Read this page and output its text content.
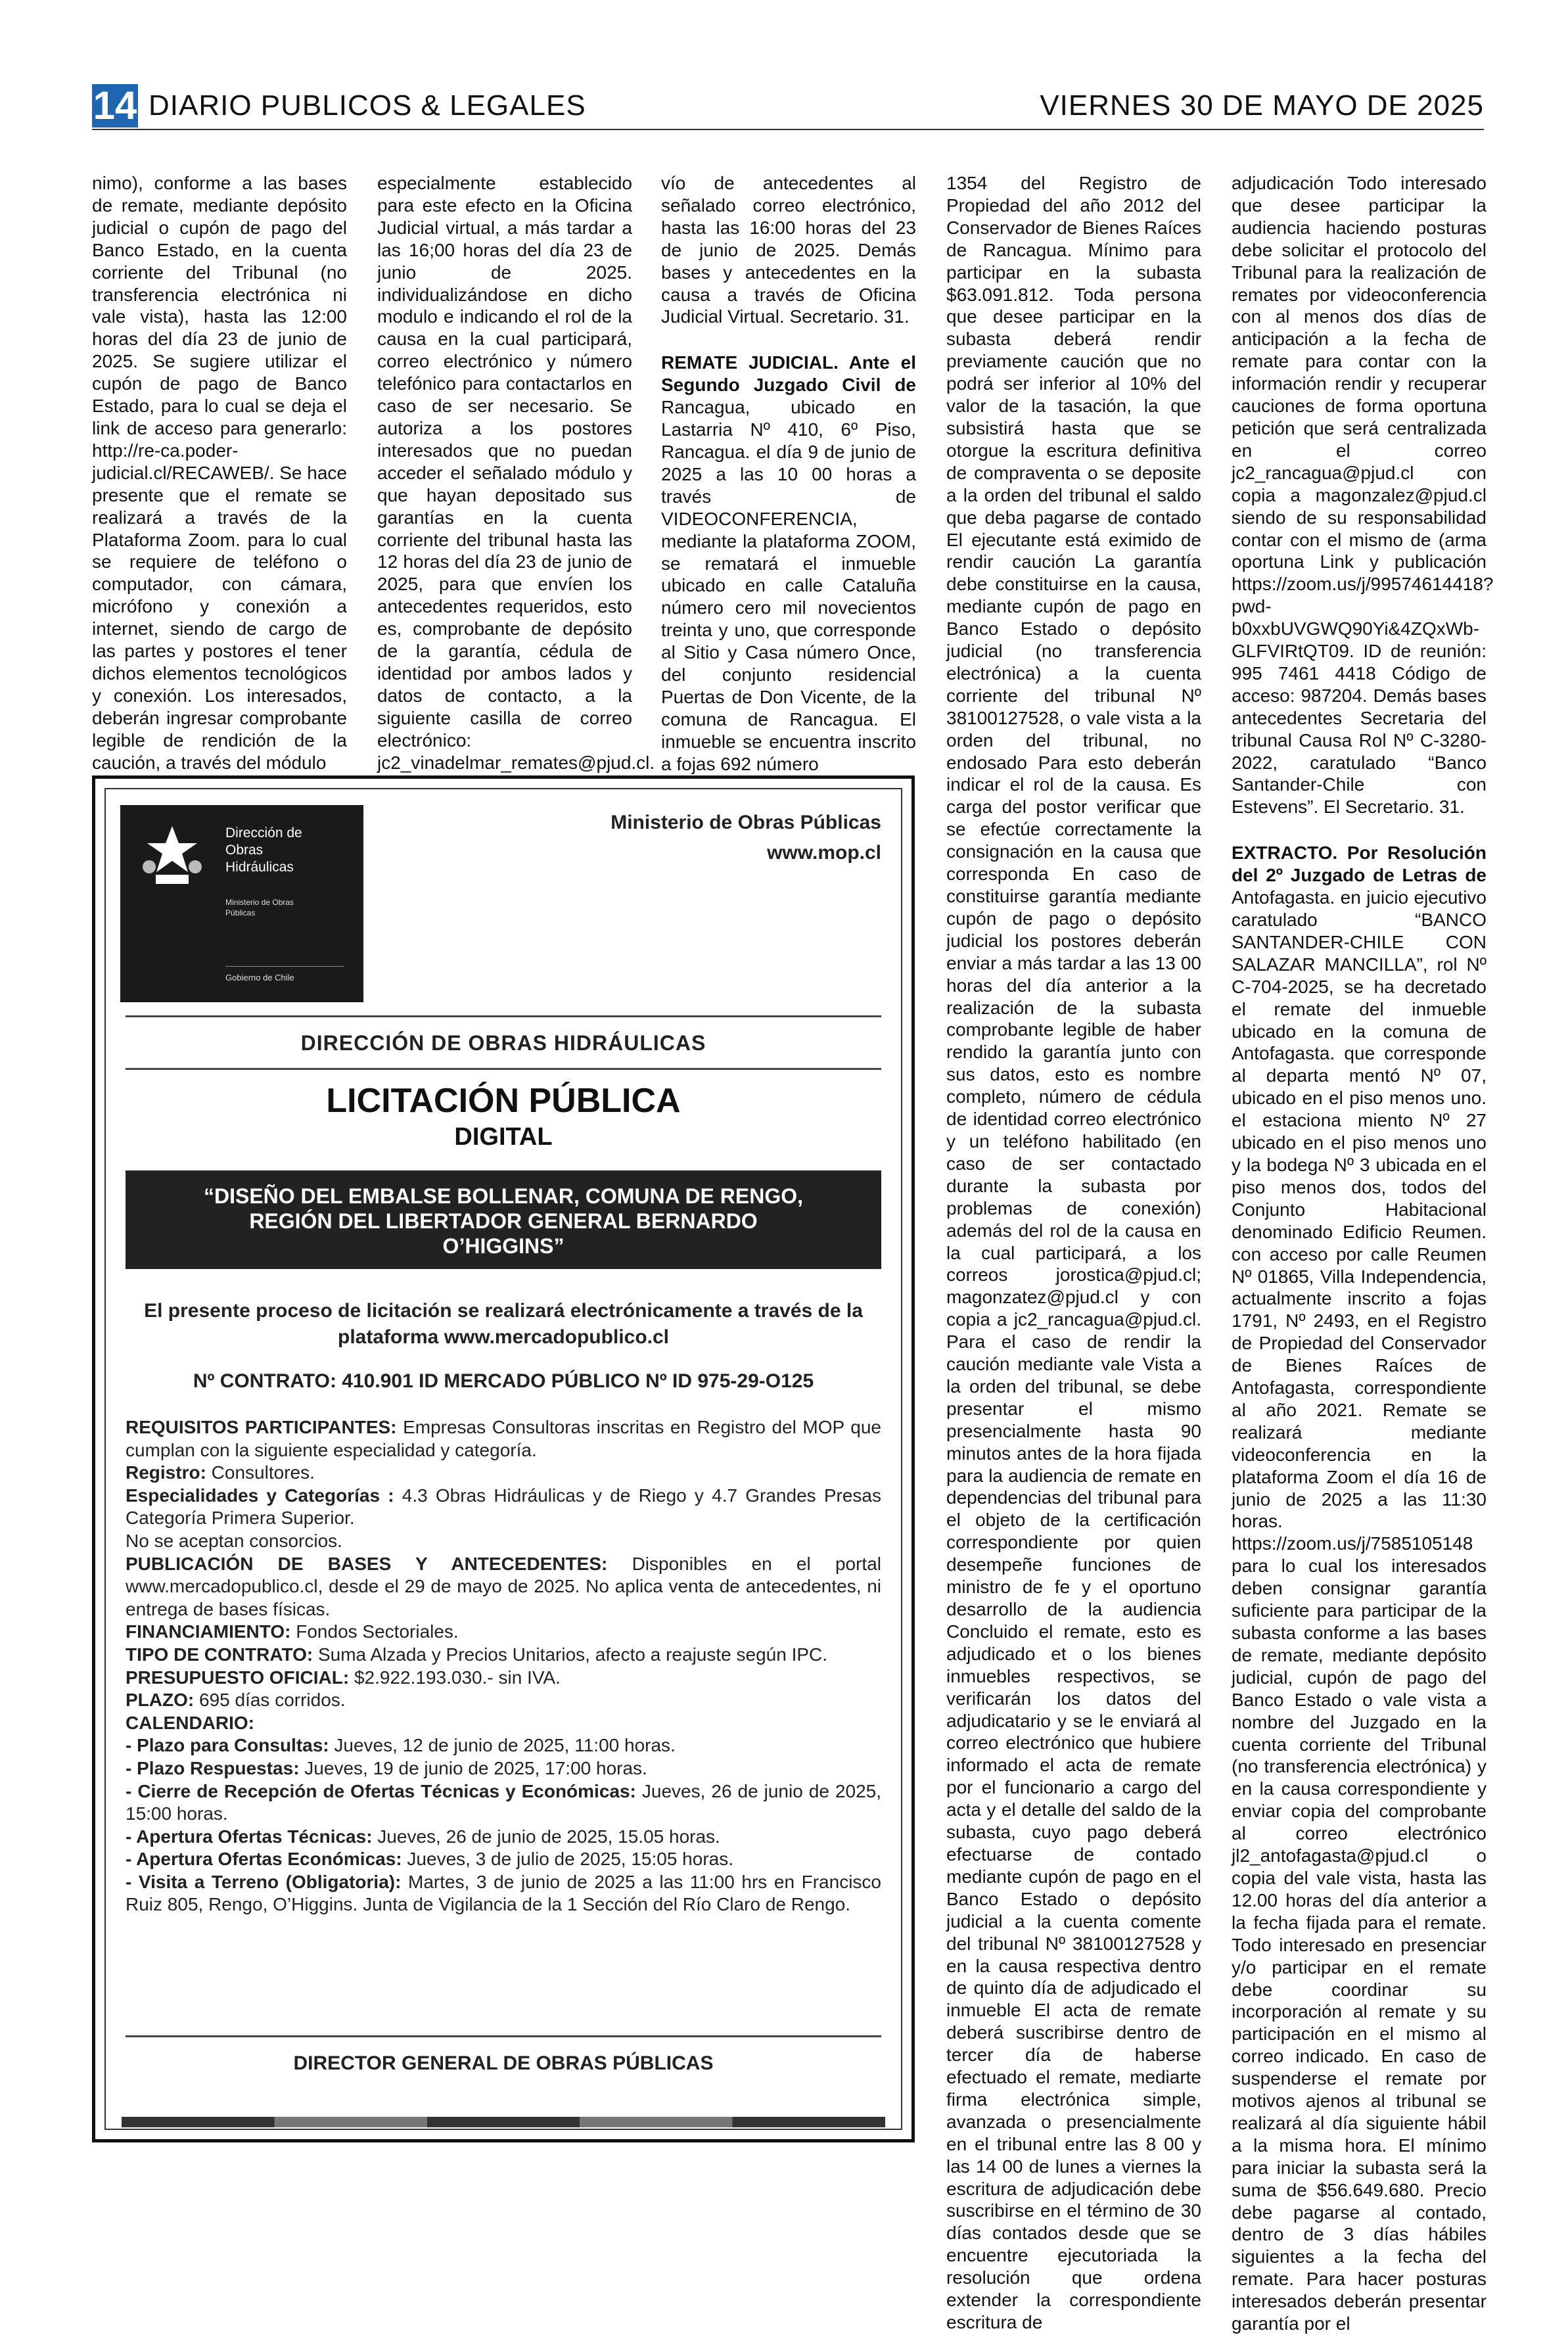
14 DIARIO PUBLICOS & LEGALES	VIERNES 30 DE MAYO DE 2025

nimo), conforme a las bases de remate, mediante depósito judicial o cupón de pago del Banco Estado, en la cuenta corriente del Tribunal (no transferencia electrónica ni vale vista), hasta las 12:00 horas del día 23 de junio de 2025. Se sugiere utilizar el cupón de pago de Banco Estado, para lo cual se deja el link de acceso para generarlo: http://re-ca.poder-judicial.cl/RECAWEB/. Se hace presente que el remate se realizará a través de la Plataforma Zoom. para lo cual se requiere de teléfono o computador, con cámara, micrófono y conexión a internet, siendo de cargo de las partes y postores el tener dichos elementos tecnológicos y conexión. Los interesados, deberán ingresar comprobante legible de rendición de la caución, a través del módulo

especialmente establecido para este efecto en la Oficina Judicial virtual, a más tardar a las 16;00 horas del día 23 de junio de 2025. individualizándose en dicho modulo e indicando el rol de la causa en la cual participará, correo electrónico y número telefónico para contactarlos en caso de ser necesario. Se autoriza a los postores interesados que no puedan acceder el señalado módulo y que hayan depositado sus garantías en la cuenta corriente del tribunal hasta las 12 horas del día 23 de junio de 2025, para que envíen los antecedentes requeridos, esto es, comprobante de depósito de la garantía, cédula de identidad por ambos lados y datos de contacto, a la siguiente casilla de correo electrónico: jc2_vinadelmar_remates@pjud.cl.

vío de antecedentes al señalado correo electrónico, hasta las 16:00 horas del 23 de junio de 2025. Demás bases y antecedentes en la causa a través de Oficina Judicial Virtual. Secretario. 31.

REMATE JUDICIAL. Ante el Segundo Juzgado Civil de Rancagua, ubicado en Lastarria Nº 410, 6º Piso, Rancagua. el día 9 de junio de 2025 a las 10 00 horas a través de VIDEOCONFERENCIA, mediante la plataforma ZOOM, se rematará el inmueble ubicado en calle Cataluña número cero mil novecientos treinta y uno, que corresponde al Sitio y Casa número Once, del conjunto residencial Puertas de Don Vicente, de la comuna de Rancagua. El inmueble se encuentra inscrito a fojas 692 número

1354 del Registro de Propiedad del año 2012 del Conservador de Bienes Raíces de Rancagua. Mínimo para participar en la subasta $63.091.812. Toda persona que desee participar en la subasta deberá rendir previamente caución que no podrá ser inferior al 10% del valor de la tasación, la que subsistirá hasta que se otorgue la escritura definitiva de compraventa o se deposite a la orden del tribunal el saldo que deba pagarse de contado El ejecutante está eximido de rendir caución La garantía debe constituirse en la causa, mediante cupón de pago en Banco Estado o depósito judicial (no transferencia electrónica) a la cuenta corriente del tribunal Nº 38100127528, o vale vista a la orden del tribunal, no endosado Para esto deberán indicar el rol de la causa. Es carga del postor verificar que se efectúe correctamente la consignación en la causa que corresponda En caso de constituirse garantía mediante cupón de pago o depósito judicial los postores deberán enviar a más tardar a las 13 00 horas del día anterior a la realización de la subasta comprobante legible de haber rendido la garantía junto con sus datos, esto es nombre completo, número de cédula de identidad correo electrónico y un teléfono habilitado (en caso de ser contactado durante la subasta por problemas de conexión) además del rol de la causa en la cual participará, a los correos jorostica@pjud.cl; magonzatez@pjud.cl y con copia a jc2_rancagua@pjud.cl. Para el caso de rendir la caución mediante vale Vista a la orden del tribunal, se debe presentar el mismo presencialmente hasta 90 minutos antes de la hora fijada para la audiencia de remate en dependencias del tribunal para el objeto de la certificación correspondiente por quien desempeñe funciones de ministro de fe y el oportuno desarrollo de la audiencia Concluido el remate, esto es adjudicado et o los bienes inmuebles respectivos, se verificarán los datos del adjudicatario y se le enviará al correo electrónico que hubiere informado el acta de remate por el funcionario a cargo del acta y el detalle del saldo de la subasta, cuyo pago deberá efectuarse de contado mediante cupón de pago en el Banco Estado o depósito judicial a la cuenta comente del tribunal Nº 38100127528 y en la causa respectiva dentro de quinto día de adjudicado el inmueble El acta de remate deberá suscribirse dentro de tercer día de haberse efectuado el remate, mediarte firma electrónica simple, avanzada o presencialmente en el tribunal entre las 8 00 y las 14 00 de lunes a viernes la escritura de adjudicación debe suscribirse en el término de 30 días contados desde que se encuentre ejecutoriada la resolución que ordena extender la correspondiente escritura de

adjudicación Todo interesado que desee participar la audiencia haciendo posturas debe solicitar el protocolo del Tribunal para la realización de remates por videoconferencia con al menos dos días de anticipación a la fecha de remate para contar con la información rendir y recuperar cauciones de forma oportuna petición que será centralizada en el correo jc2_rancagua@pjud.cl con copia a magonzalez@pjud.cl siendo de su responsabilidad contar con el mismo de (arma oportuna Link y publicación https://zoom.us/j/99574614418?pwd-b0xxbUVGWQ90Yi&4ZQxWb-GLFVIRtQT09. ID de reunión: 995 7461 4418 Código de acceso: 987204. Demás bases antecedentes Secretaria del tribunal Causa Rol Nº C-3280-2022, caratulado “Banco Santander-Chile con Estevens”. El Secretario. 31.

EXTRACTO. Por Resolución del 2º Juzgado de Letras de Antofagasta. en juicio ejecutivo caratulado “BANCO SANTANDER-CHILE CON SALAZAR MANCILLA”, rol Nº C-704-2025, se ha decretado el remate del inmueble ubicado en la comuna de Antofagasta. que corresponde al departa mentó Nº 07, ubicado en el piso menos uno. el estaciona miento Nº 27 ubicado en el piso menos uno y la bodega Nº 3 ubicada en el piso menos dos, todos del Conjunto Habitacional denominado Edificio Reumen. con acceso por calle Reumen Nº 01865, Villa Independencia, actualmente inscrito a fojas 1791, Nº 2493, en el Registro de Propiedad del Conservador de Bienes Raíces de Antofagasta, correspondiente al año 2021. Remate se realizará mediante videoconferencia en la plataforma Zoom el día 16 de junio de 2025 a las 11:30 horas. https://zoom.us/j/7585105148 para lo cual los interesados deben consignar garantía suficiente para participar de la subasta conforme a las bases de remate, mediante depósito judicial, cupón de pago del Banco Estado o vale vista a nombre del Juzgado en la cuenta corriente del Tribunal (no transferencia electrónica) y en la causa correspondiente y enviar copia del comprobante al correo electrónico jl2_antofagasta@pjud.cl o copia del vale vista, hasta las 12.00 horas del día anterior a la fecha fijada para el remate. Todo interesado en presenciar y/o participar en el remate debe coordinar su incorporación al remate y su participación en el mismo al correo indicado. En caso de suspenderse el remate por motivos ajenos al tribunal se realizará al día siguiente hábil a la misma hora. El mínimo para iniciar la subasta será la suma de $56.649.680. Precio debe pagarse al contado, dentro de 3 días hábiles siguientes a la fecha del remate. Para hacer posturas interesados deberán presentar garantía por el

Dirección de
Obras
Hidráulicas
Ministerio de Obras
Públicas
Gobierno de Chile
Ministerio de Obras Públicas
www.mop.cl
DIRECCIÓN DE OBRAS HIDRÁULICAS
LICITACIÓN PÚBLICA
DIGITAL
“DISEÑO DEL EMBALSE BOLLENAR, COMUNA DE RENGO,
REGIÓN DEL LIBERTADOR GENERAL BERNARDO
O’HIGGINS”
El presente proceso de licitación se realizará electrónicamente a través de la plataforma www.mercadopublico.cl
Nº CONTRATO: 410.901 ID MERCADO PÚBLICO Nº ID 975-29-O125

REQUISITOS PARTICIPANTES: Empresas Consultoras inscritas en Registro del MOP que cumplan con la siguiente especialidad y categoría.

Registro: Consultores.

Especialidades y Categorías : 4.3 Obras Hidráulicas y de Riego y 4.7 Grandes Presas Categoría Primera Superior.

No se aceptan consorcios.

PUBLICACIÓN DE BASES Y ANTECEDENTES: Disponibles en el portal www.mercadopublico.cl, desde el 29 de mayo de 2025. No aplica venta de antecedentes, ni entrega de bases físicas.

FINANCIAMIENTO: Fondos Sectoriales.

TIPO DE CONTRATO: Suma Alzada y Precios Unitarios, afecto a reajuste según IPC.

PRESUPUESTO OFICIAL: $2.922.193.030.- sin IVA.

PLAZO: 695 días corridos.

CALENDARIO:

- Plazo para Consultas: Jueves, 12 de junio de 2025, 11:00 horas.

- Plazo Respuestas: Jueves, 19 de junio de 2025, 17:00 horas.

- Cierre de Recepción de Ofertas Técnicas y Económicas: Jueves, 26 de junio de 2025, 15:00 horas.

- Apertura Ofertas Técnicas: Jueves, 26 de junio de 2025, 15.05 horas.

- Apertura Ofertas Económicas: Jueves, 3 de julio de 2025, 15:05 horas.

- Visita a Terreno (Obligatoria): Martes, 3 de junio de 2025 a las 11:00 hrs en Francisco Ruiz 805, Rengo, O’Higgins. Junta de Vigilancia de la 1 Sección del Río Claro de Rengo.

DIRECTOR GENERAL DE OBRAS PÚBLICAS
